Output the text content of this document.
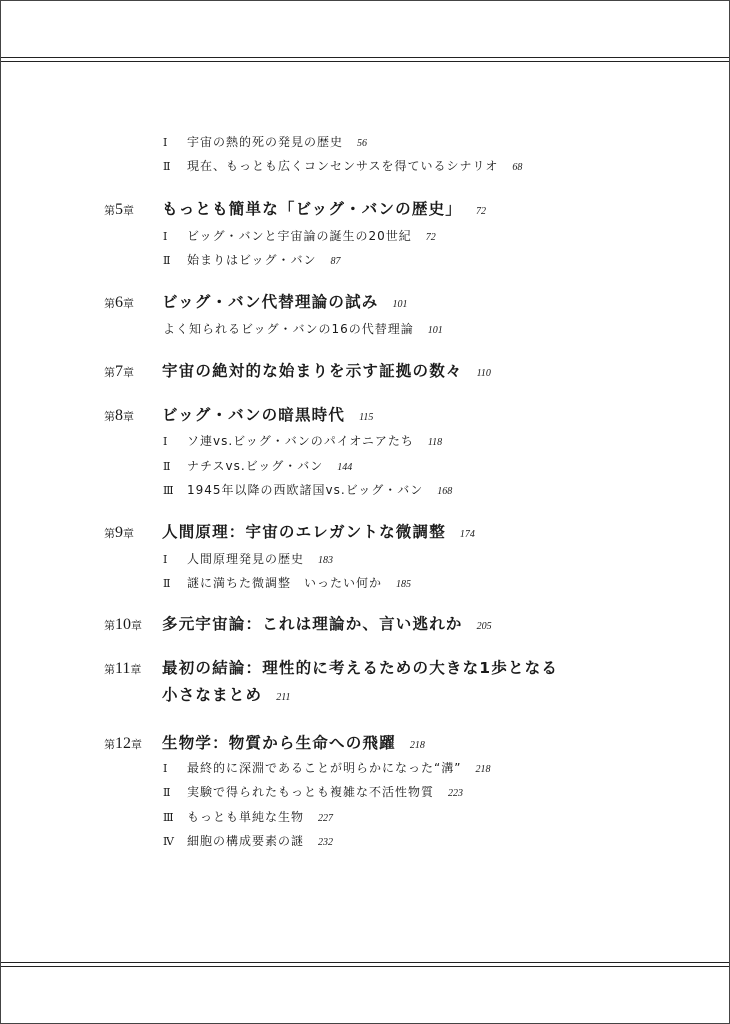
Ⅰ 宇宙の熱的死の発見の歴史 56
Ⅱ 現在、もっとも広くコンセンサスを得ているシナリオ 68
第5章 もっとも簡単な「ビッグ・バンの歴史」 72
Ⅰ ビッグ・バンと宇宙論の誕生の20世紀 72
Ⅱ 始まりはビッグ・バン 87
第6章 ビッグ・バン代替理論の試み 101
よく知られるビッグ・バンの16の代替理論 101
第7章 宇宙の絶対的な始まりを示す証拠の数々 110
第8章 ビッグ・バンの暗黒時代 115
Ⅰ ソ連vs.ビッグ・バンのパイオニアたち 118
Ⅱ ナチスvs.ビッグ・バン 144
Ⅲ 1945年以降の西欧諸国vs.ビッグ・バン 168
第9章 人間原理：宇宙のエレガントな微調整 174
Ⅰ 人間原理発見の歴史 183
Ⅱ 謎に満ちた微調整　いったい何か 185
第10章 多元宇宙論：これは理論か、言い逃れか 205
第11章 最初の結論：理性的に考えるための大きな1歩となる
小さなまとめ 211
第12章 生物学：物質から生命への飛躍 218
Ⅰ 最終的に深淵であることが明らかになった“溝” 218
Ⅱ 実験で得られたもっとも複雑な不活性物質 223
Ⅲ もっとも単純な生物 227
Ⅳ 細胞の構成要素の謎 232
